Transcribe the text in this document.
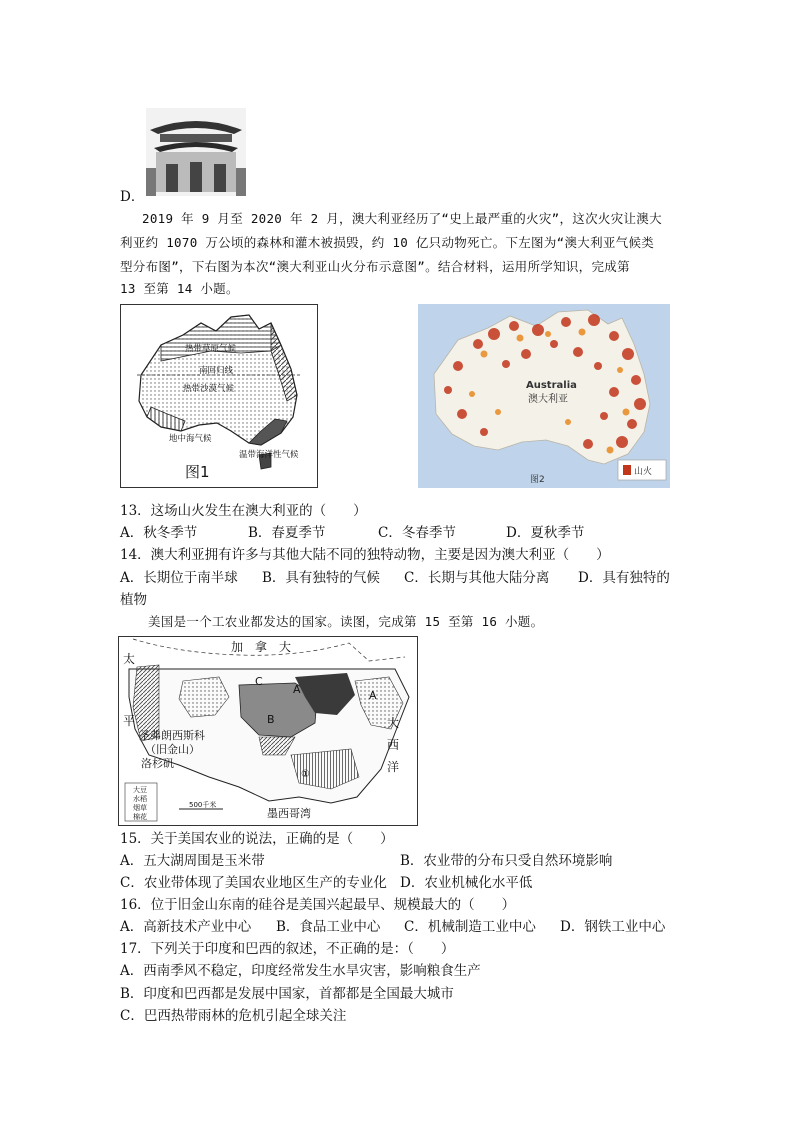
D．
2019 年 9 月至 2020 年 2 月，澳大利亚经历了“史上最严重的火灾”，这次火灾让澳大
利亚约 1070 万公顷的森林和灌木被损毁，约 10 亿只动物死亡。下左图为“澳大利亚气候类
型分布图”，下右图为本次“澳大利亚山火分布示意图”。结合材料，运用所学知识，完成第
13 至第 14 小题。
热带草原气候
南回归线
热带沙漠气候
地中海气候
温带海洋性气候
图1
Australia
澳大利亚
图2
山火
13．这场山火发生在澳大利亚的（　　）
A．秋冬季节	B．春夏季节	C．冬春季节	D．夏秋季节
14．澳大利亚拥有许多与其他大陆不同的独特动物，主要是因为澳大利亚（　　）
A．长期位于南半球 B．具有独特的气候 C．长期与其他大陆分离 D．具有独特的
植物
美国是一个工农业都发达的国家。读图，完成第 15 至第 16 小题。
加　拿　大
太
平
圣弗朗西斯科
（旧金山）
洛杉矶
大
西
洋
墨西哥湾
B
A	A
C
①
大豆
水稻
烟草
棉花
500千米
15．关于美国农业的说法，正确的是（　　）
A．五大湖周围是玉米带	B．农业带的分布只受自然环境影响
C．农业带体现了美国农业地区生产的专业化 D．农业机械化水平低
16．位于旧金山东南的硅谷是美国兴起最早、规模最大的（　　）
A．高新技术产业中心 B．食品工业中心 C．机械制造工业中心 D．钢铁工业中心
17．下列关于印度和巴西的叙述，不正确的是：（　　）
A．西南季风不稳定，印度经常发生水旱灾害，影响粮食生产
B．印度和巴西都是发展中国家，首都都是全国最大城市
C．巴西热带雨林的危机引起全球关注
